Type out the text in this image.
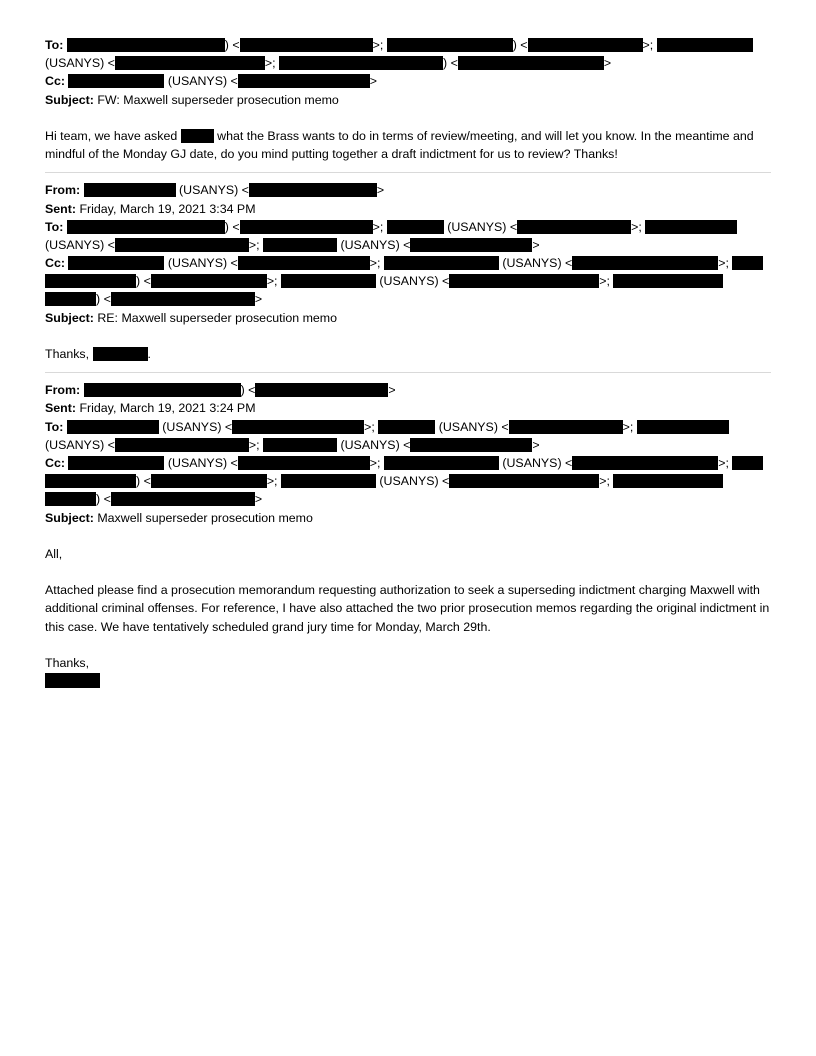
To:	) <	>;	) <	>;
(USANYS) <	>;	) <	>
Cc:	(USANYS) <	>
Subject: FW: Maxwell superseder prosecution memo

Hi team, we have asked	what the Brass wants to do in terms of review/meeting, and will let you know. In the meantime and mindful of the Monday GJ date, do you mind putting together a draft indictment for us to review? Thanks!

From:	(USANYS) <	>
Sent: Friday, March 19, 2021 3:34 PM
To:	) <	>;	(USANYS) <	>;
(USANYS) <	>;	(USANYS) <	>
Cc:	(USANYS) <	>;	(USANYS) <	>;
) <	>;	(USANYS) <	>;
) <	>
Subject: RE: Maxwell superseder prosecution memo
Thanks,	.
From:	) <	>
Sent: Friday, March 19, 2021 3:24 PM
To:	(USANYS) <	>;	(USANYS) <	>;
(USANYS) <	>;	(USANYS) <	>
Cc:	(USANYS) <	>;	(USANYS) <	>;
) <	>;	(USANYS) <	>;
) <	>
Subject: Maxwell superseder prosecution memo
All,

Attached please find a prosecution memorandum requesting authorization to seek a superseding indictment charging Maxwell with additional criminal offenses. For reference, I have also attached the two prior prosecution memos regarding the original indictment in this case. We have tentatively scheduled grand jury time for Monday, March 29th.

Thanks,
